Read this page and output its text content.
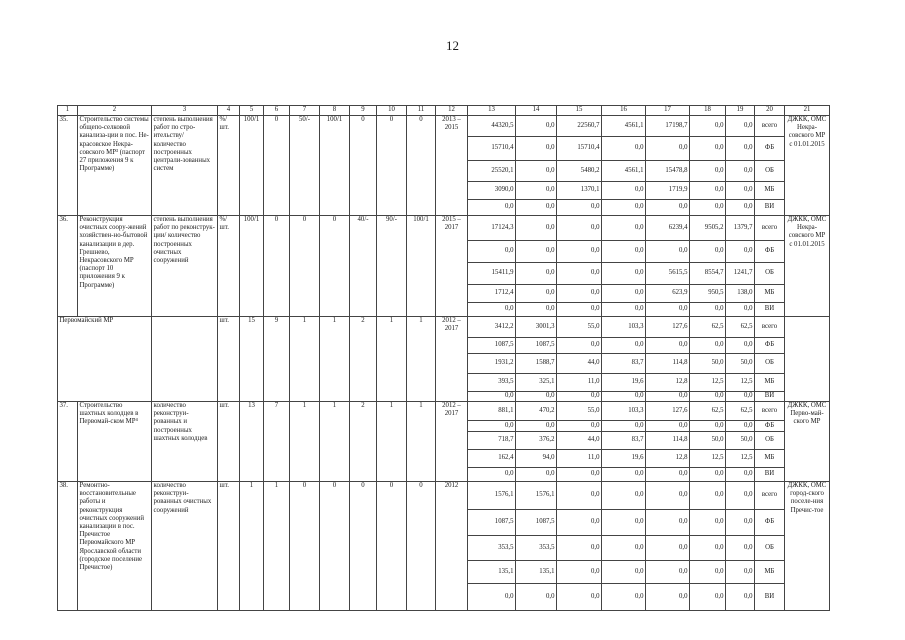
12
1	2	3	4	5	6	7	8	9	10	11	12	13	14	15	16	17	18	19	20	21
35.	Строительство системы общепо-селковой канализа-ции в пос. Не-красовское Некра-совского МР³ (паспорт 27 приложения 9 к Программе)	степень выполнения работ по стро-ительству/ количество построенных централи-зованных систем	%/ шт.	100/1	0	50/-	100/1	0	0	0	2013 – 2015	44320,5	0,0	22560,7	4561,1	17198,7	0,0	0,0	всего	ДЖКК, ОМС Некра-совского МР с 01.01.2015
												15710,4	0,0	15710,4	0,0	0,0	0,0	0,0	ФБ	
												25520,1	0,0	5480,2	4561,1	15478,8	0,0	0,0	ОБ	
												3090,0	0,0	1370,1	0,0	1719,9	0,0	0,0	МБ	
												0,0	0,0	0,0	0,0	0,0	0,0	0,0	ВИ	
36.	Реконструкция очистных соору-жений хозяйствен-но-бытовой канализации в дер. Грешнево, Некрасовского МР (паспорт 10 приложения 9 к Программе)	степень выполнения работ по реконструк-ции/ количество построенных очистных сооружений	%/ шт.	100/1	0	0	0	40/-	90/-	100/1	2015 – 2017	17124,3	0,0	0,0	0,0	6239,4	9505,2	1379,7	всего	ДЖКК, ОМС Некра-совского МР с 01.01.2015
												0,0	0,0	0,0	0,0	0,0	0,0	0,0	ФБ	
												15411,9	0,0	0,0	0,0	5615,5	8554,7	1241,7	ОБ	
												1712,4	0,0	0,0	0,0	623,9	950,5	138,0	МБ	
												0,0	0,0	0,0	0,0	0,0	0,0	0,0	ВИ	
Первомайский МР			шт.	15	9	1	1	2	1	1	2012 – 2017	3412,2	3001,3	55,0	103,3	127,6	62,5	62,5	всего	
												1087,5	1087,5	0,0	0,0	0,0	0,0	0,0	ФБ	
												1931,2	1588,7	44,0	83,7	114,8	50,0	50,0	ОБ	
												393,5	325,1	11,0	19,6	12,8	12,5	12,5	МБ	
												0,0	0,0	0,0	0,0	0,0	0,0	0,0	ВИ	
37.	Строительство шахтных колодцев в Первомай-ском МР⁴	количество реконструи-рованных и построенных шахтных колодцев	шт.	13	7	1	1	2	1	1	2012 – 2017	881,1	470,2	55,0	103,3	127,6	62,5	62,5	всего	ДЖКК, ОМС Перво-май-ского МР
												0,0	0,0	0,0	0,0	0,0	0,0	0,0	ФБ	
												718,7	376,2	44,0	83,7	114,8	50,0	50,0	ОБ	
												162,4	94,0	11,0	19,6	12,8	12,5	12,5	МБ	
												0,0	0,0	0,0	0,0	0,0	0,0	0,0	ВИ	
38.	Ремонтно-восстановительные работы и реконструкция очистных сооружений канализации в пос. Пречистое Первомайского МР Ярославской области (городское поселение Пречистое)	количество реконструи-рованных очистных сооружений	шт.	1	1	0	0	0	0	0	2012	1576,1	1576,1	0,0	0,0	0,0	0,0	0,0	всего	ДЖКК, ОМС город-ского поселе-ния Пречис-тое
												1087,5	1087,5	0,0	0,0	0,0	0,0	0,0	ФБ	
												353,5	353,5	0,0	0,0	0,0	0,0	0,0	ОБ	
												135,1	135,1	0,0	0,0	0,0	0,0	0,0	МБ	
												0,0	0,0	0,0	0,0	0,0	0,0	0,0	ВИ	
